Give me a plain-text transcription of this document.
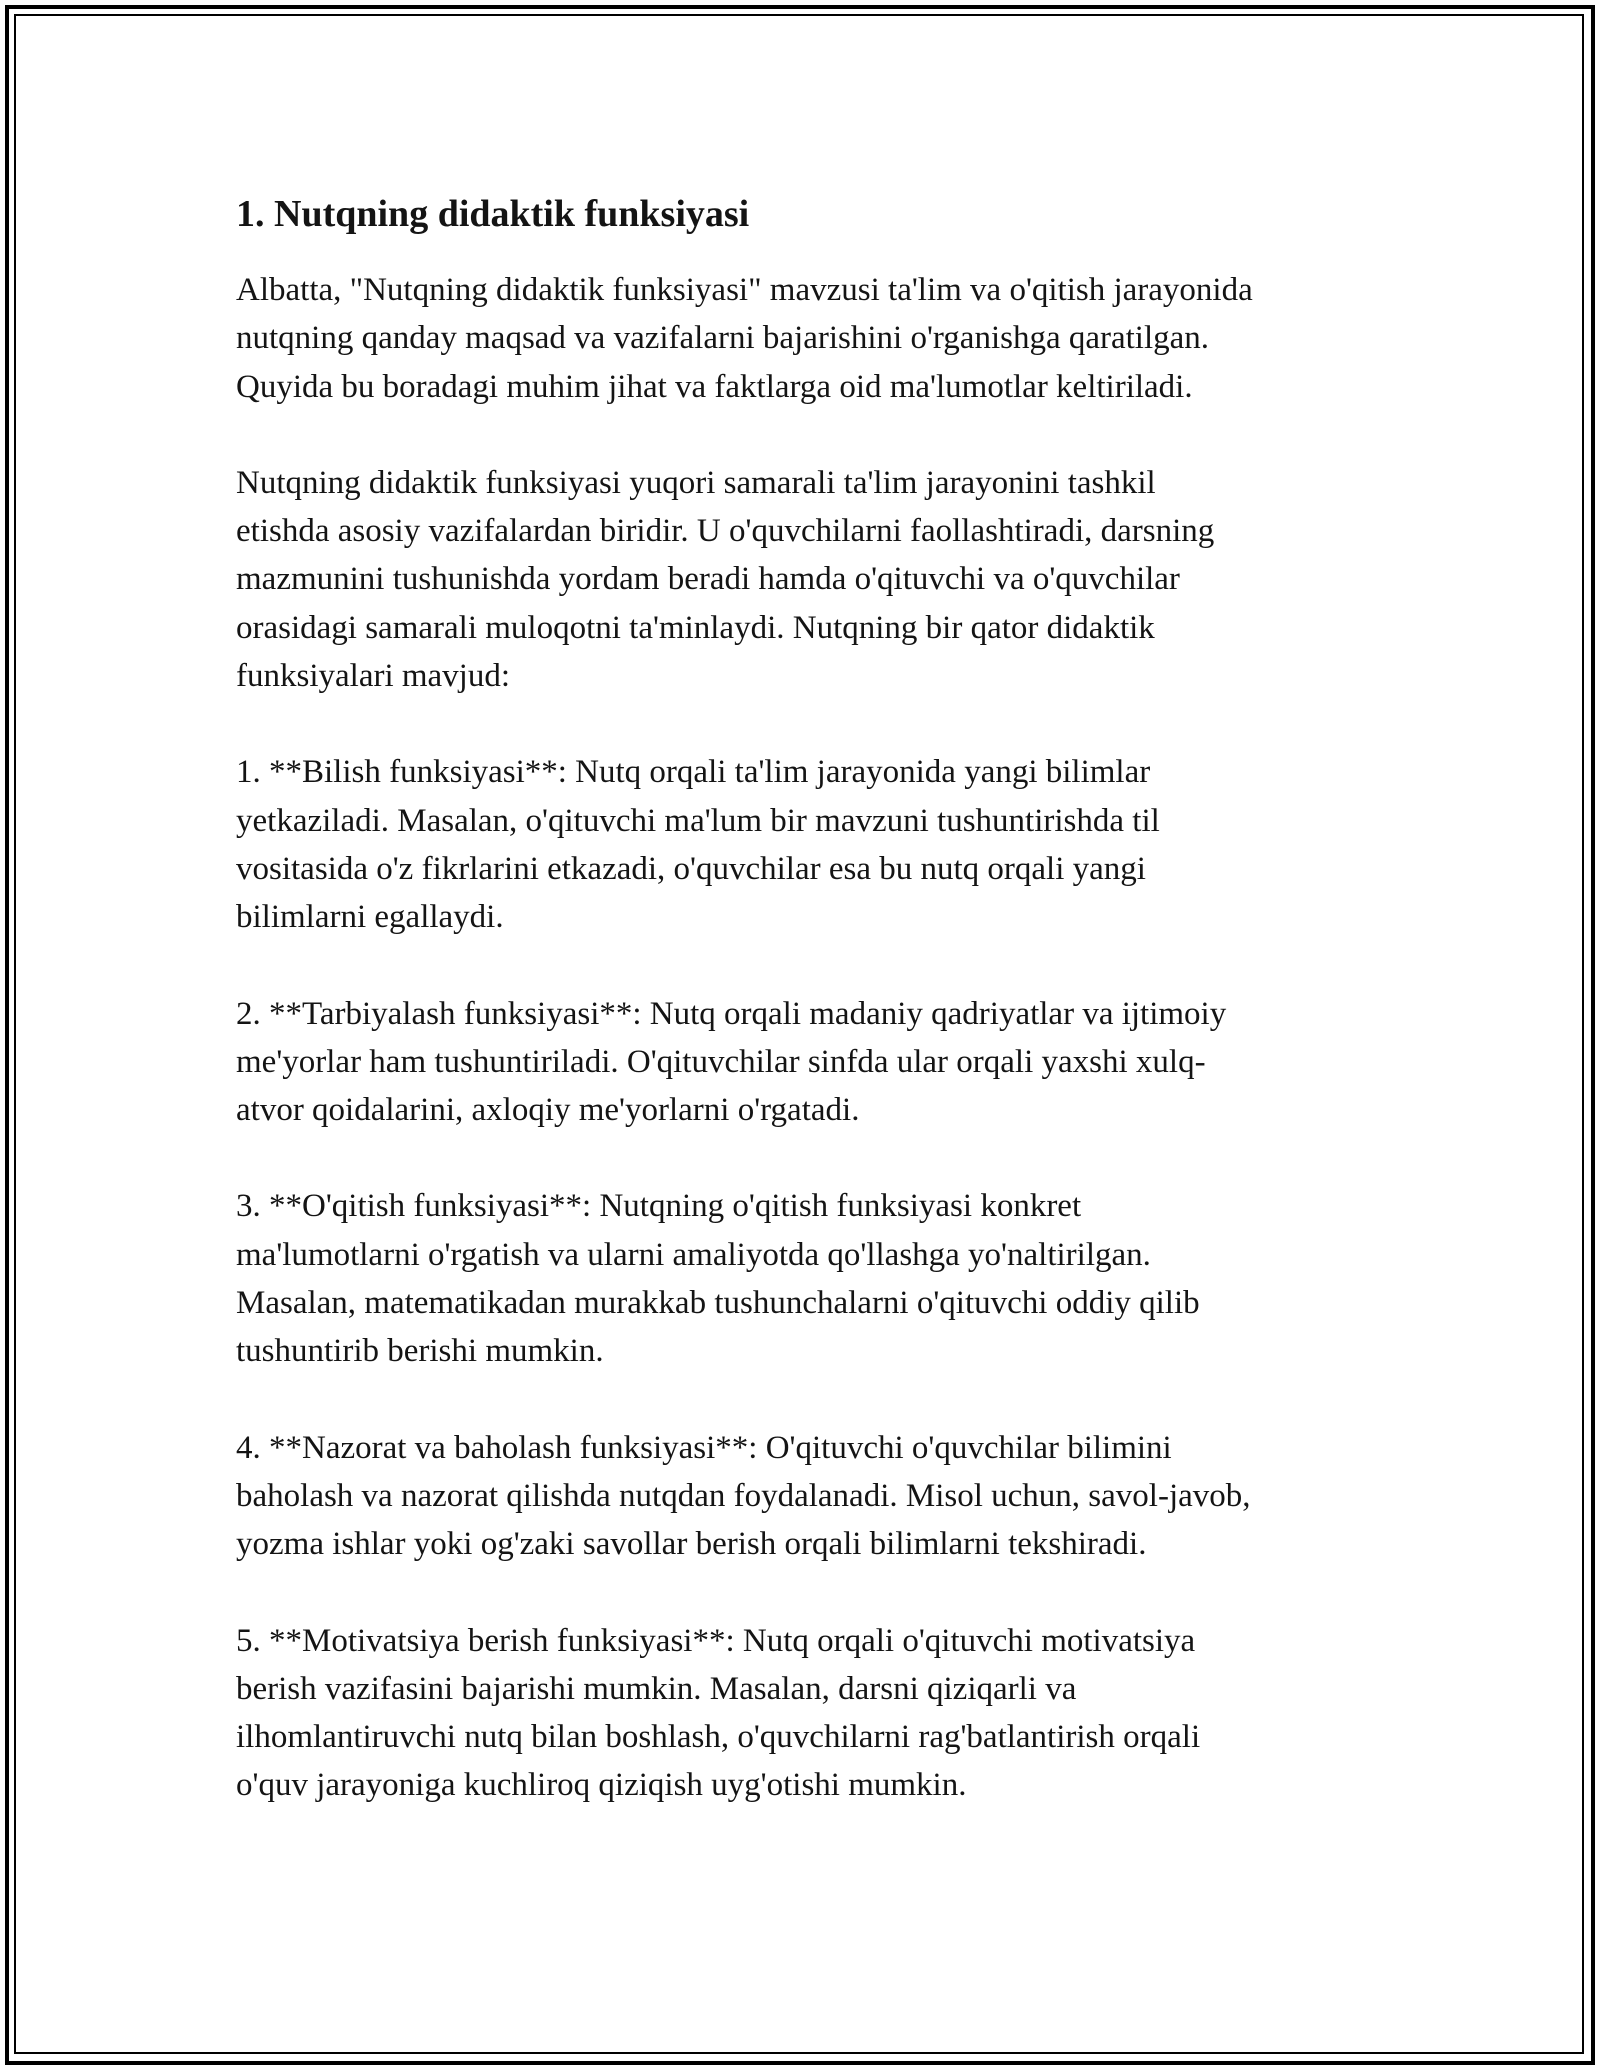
1. Nutqning didaktik funksiyasi

Albatta, "Nutqning didaktik funksiyasi" mavzusi ta'lim va o'qitish jarayonida
nutqning qanday maqsad va vazifalarni bajarishini o'rganishga qaratilgan.
Quyida bu boradagi muhim jihat va faktlarga oid ma'lumotlar keltiriladi.

Nutqning didaktik funksiyasi yuqori samarali ta'lim jarayonini tashkil
etishda asosiy vazifalardan biridir. U o'quvchilarni faollashtiradi, darsning
mazmunini tushunishda yordam beradi hamda o'qituvchi va o'quvchilar
orasidagi samarali muloqotni ta'minlaydi. Nutqning bir qator didaktik
funksiyalari mavjud:

1. **Bilish funksiyasi**: Nutq orqali ta'lim jarayonida yangi bilimlar
yetkaziladi. Masalan, o'qituvchi ma'lum bir mavzuni tushuntirishda til
vositasida o'z fikrlarini etkazadi, o'quvchilar esa bu nutq orqali yangi
bilimlarni egallaydi.

2. **Tarbiyalash funksiyasi**: Nutq orqali madaniy qadriyatlar va ijtimoiy
me'yorlar ham tushuntiriladi. O'qituvchilar sinfda ular orqali yaxshi xulq-
atvor qoidalarini, axloqiy me'yorlarni o'rgatadi.

3. **O'qitish funksiyasi**: Nutqning o'qitish funksiyasi konkret
ma'lumotlarni o'rgatish va ularni amaliyotda qo'llashga yo'naltirilgan.
Masalan, matematikadan murakkab tushunchalarni o'qituvchi oddiy qilib
tushuntirib berishi mumkin.

4. **Nazorat va baholash funksiyasi**: O'qituvchi o'quvchilar bilimini
baholash va nazorat qilishda nutqdan foydalanadi. Misol uchun, savol-javob,
yozma ishlar yoki og'zaki savollar berish orqali bilimlarni tekshiradi.

5. **Motivatsiya berish funksiyasi**: Nutq orqali o'qituvchi motivatsiya
berish vazifasini bajarishi mumkin. Masalan, darsni qiziqarli va
ilhomlantiruvchi nutq bilan boshlash, o'quvchilarni rag'batlantirish orqali
o'quv jarayoniga kuchliroq qiziqish uyg'otishi mumkin.
